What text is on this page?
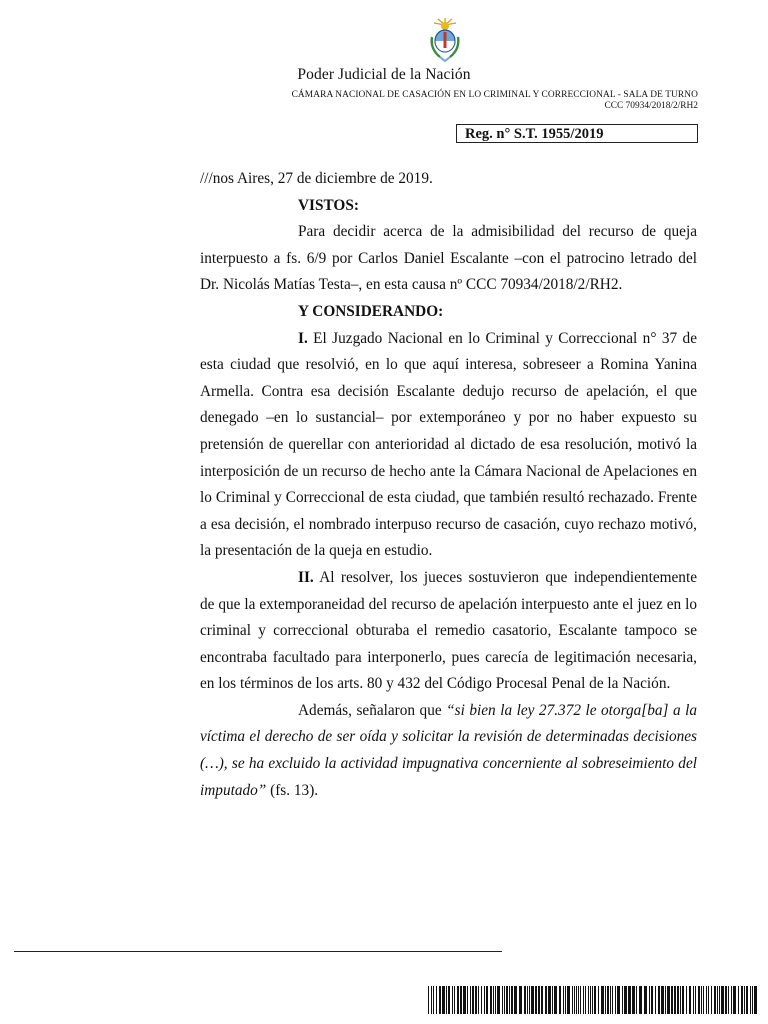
Poder Judicial de la Nación
CÁMARA NACIONAL DE CASACIÓN EN LO CRIMINAL Y CORRECCIONAL - SALA DE TURNO
CCC 70934/2018/2/RH2
Reg. n° S.T. 1955/2019

///nos Aires, 27 de diciembre de 2019.

VISTOS:

Para decidir acerca de la admisibilidad del recurso de queja interpuesto a fs. 6/9 por Carlos Daniel Escalante –con el patrocino letrado del Dr. Nicolás Matías Testa–, en esta causa nº CCC 70934/2018/2/RH2.

Y CONSIDERANDO:

I. El Juzgado Nacional en lo Criminal y Correccional n° 37 de esta ciudad que resolvió, en lo que aquí interesa, sobreseer a Romina Yanina Armella. Contra esa decisión Escalante dedujo recurso de apelación, el que denegado –en lo sustancial– por extemporáneo y por no haber expuesto su pretensión de querellar con anterioridad al dictado de esa resolución, motivó la interposición de un recurso de hecho ante la Cámara Nacional de Apelaciones en lo Criminal y Correccional de esta ciudad, que también resultó rechazado. Frente a esa decisión, el nombrado interpuso recurso de casación, cuyo rechazo motivó, la presentación de la queja en estudio.

II. Al resolver, los jueces sostuvieron que independientemente de que la extemporaneidad del recurso de apelación interpuesto ante el juez en lo criminal y correccional obturaba el remedio casatorio, Escalante tampoco se encontraba facultado para interponerlo, pues carecía de legitimación necesaria, en los términos de los arts. 80 y 432 del Código Procesal Penal de la Nación.

Además, señalaron que “si bien la ley 27.372 le otorga[ba] a la víctima el derecho de ser oída y solicitar la revisión de determinadas decisiones (…), se ha excluido la actividad impugnativa concerniente al sobreseimiento del imputado” (fs. 13).
